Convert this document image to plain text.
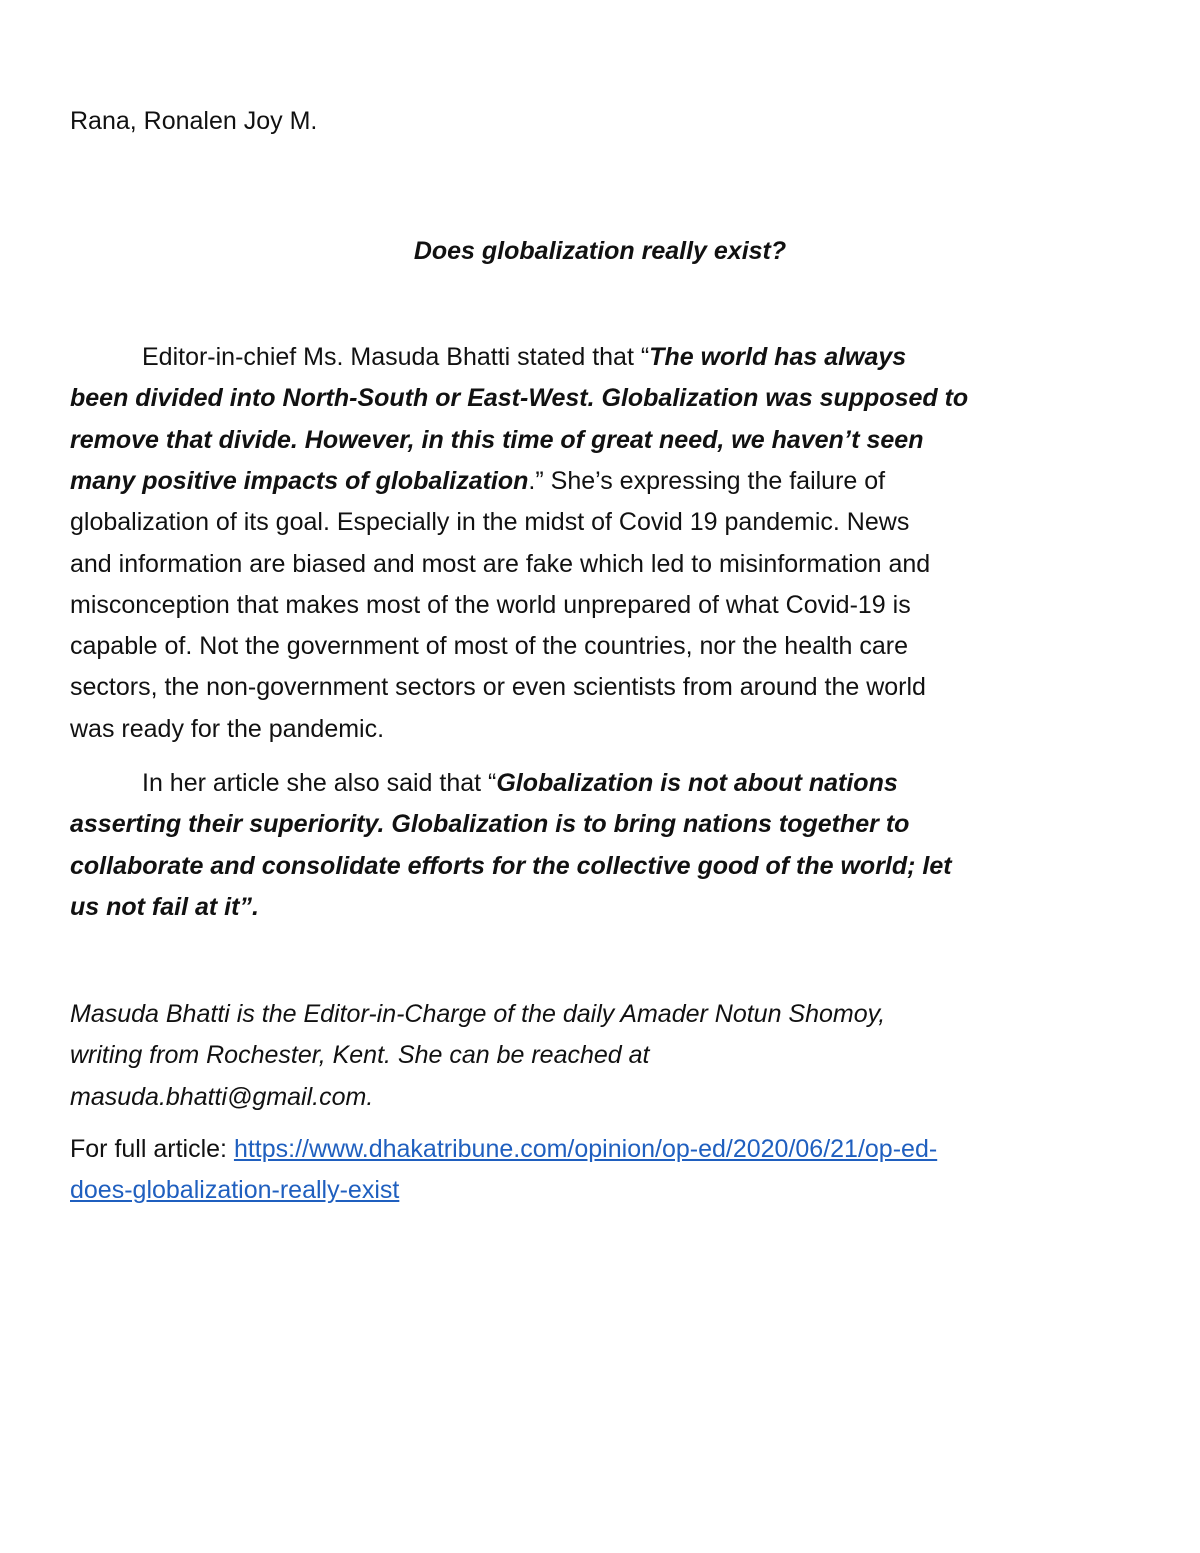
Rana, Ronalen Joy M.
Does globalization really exist?
Editor-in-chief Ms. Masuda Bhatti stated that “The world has always
been divided into North-South or East-West. Globalization was supposed to
remove that divide. However, in this time of great need, we haven’t seen
many positive impacts of globalization.” She’s expressing the failure of
globalization of its goal. Especially in the midst of Covid 19 pandemic. News
and information are biased and most are fake which led to misinformation and
misconception that makes most of the world unprepared of what Covid-19 is
capable of. Not the government of most of the countries, nor the health care
sectors, the non-government sectors or even scientists from around the world
was ready for the pandemic.
In her article she also said that “Globalization is not about nations
asserting their superiority. Globalization is to bring nations together to
collaborate and consolidate efforts for the collective good of the world; let
us not fail at it”.
Masuda Bhatti is the Editor-in-Charge of the daily Amader Notun Shomoy,
writing from Rochester, Kent. She can be reached at
masuda.bhatti@gmail.com.
For full article: https://www.dhakatribune.com/opinion/op-ed/2020/06/21/op-ed-
does-globalization-really-exist
